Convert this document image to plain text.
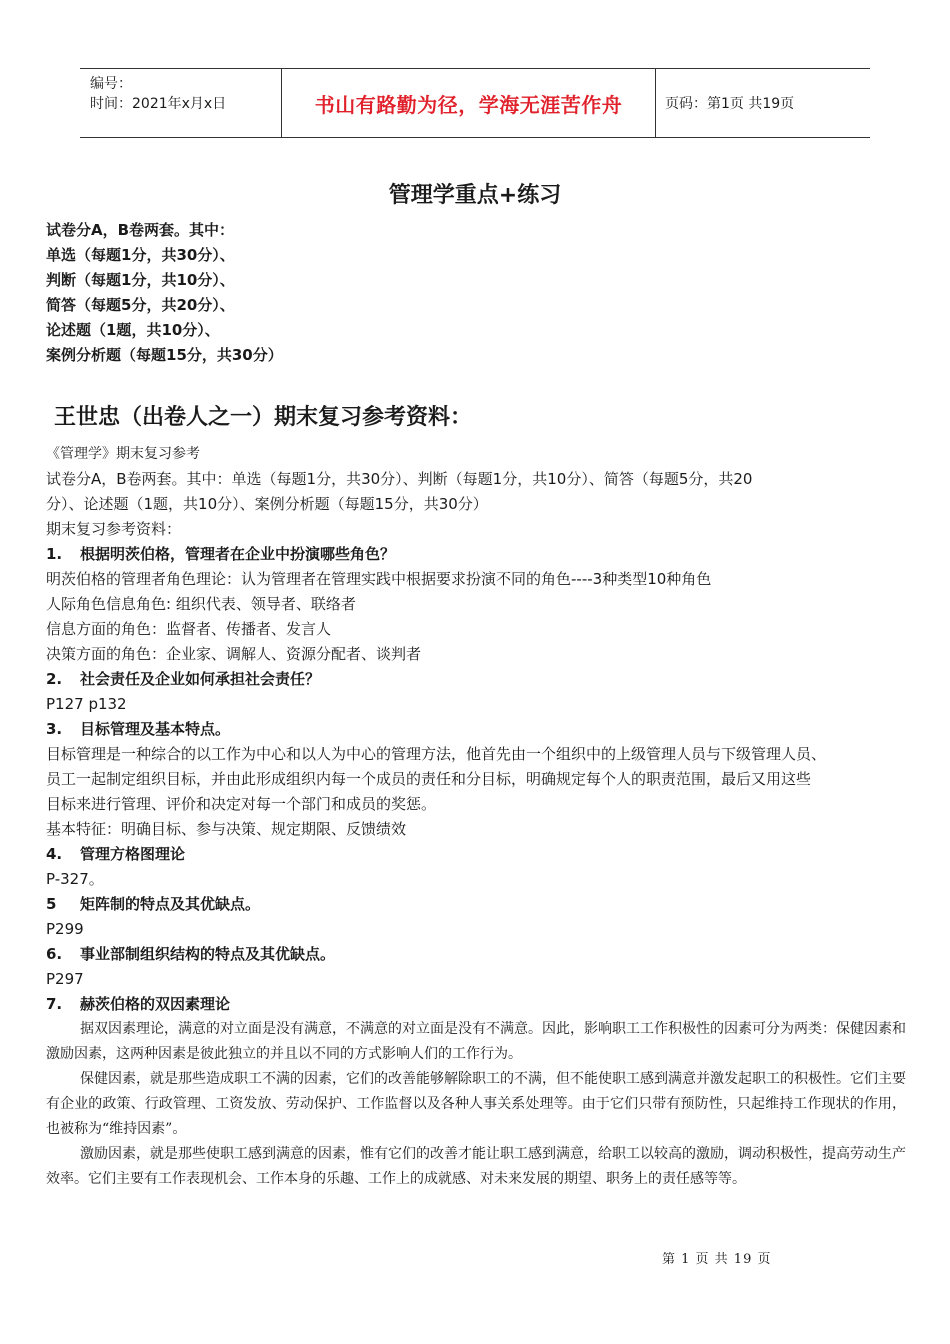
编号：
时间：2021年x月x日	书山有路勤为径，学海无涯苦作舟	页码：第1页 共19页
管理学重点+练习
试卷分A，B卷两套。其中：
单选（每题1分，共30分）、
判断（每题1分，共10分）、
简答（每题5分，共20分）、
论述题（1题，共10分）、
案例分析题（每题15分，共30分）
王世忠（出卷人之一）期末复习参考资料：
《管理学》期末复习参考
试卷分A，B卷两套。其中：单选（每题1分，共30分）、判断（每题1分，共10分）、简答（每题5分，共20
分）、论述题（1题，共10分）、案例分析题（每题15分，共30分）
期末复习参考资料：
1. 根据明茨伯格，管理者在企业中扮演哪些角色？
明茨伯格的管理者角色理论：认为管理者在管理实践中根据要求扮演不同的角色----3种类型10种角色
人际角色信息角色: 组织代表、领导者、联络者
信息方面的角色：监督者、传播者、发言人
决策方面的角色：企业家、调解人、资源分配者、谈判者
2. 社会责任及企业如何承担社会责任？
P127 p132
3. 目标管理及基本特点。
目标管理是一种综合的以工作为中心和以人为中心的管理方法，他首先由一个组织中的上级管理人员与下级管理人员、
员工一起制定组织目标，并由此形成组织内每一个成员的责任和分目标，明确规定每个人的职责范围，最后又用这些
目标来进行管理、评价和决定对每一个部门和成员的奖惩。
基本特征：明确目标、参与决策、规定期限、反馈绩效
4. 管理方格图理论
P-327。
5 矩阵制的特点及其优缺点。
P299
6. 事业部制组织结构的特点及其优缺点。
P297
7. 赫茨伯格的双因素理论
据双因素理论，满意的对立面是没有满意，不满意的对立面是没有不满意。因此，影响职工工作积极性的因素可分为两类：保健因素和激励因素，这两种因素是彼此独立的并且以不同的方式影响人们的工作行为。
保健因素，就是那些造成职工不满的因素，它们的改善能够解除职工的不满，但不能使职工感到满意并激发起职工的积极性。它们主要有企业的政策、行政管理、工资发放、劳动保护、工作监督以及各种人事关系处理等。由于它们只带有预防性，只起维持工作现状的作用，也被称为“维持因素”。
激励因素，就是那些使职工感到满意的因素，惟有它们的改善才能让职工感到满意，给职工以较高的激励，调动积极性，提高劳动生产效率。它们主要有工作表现机会、工作本身的乐趣、工作上的成就感、对未来发展的期望、职务上的责任感等等。
第 1 页 共 19 页
